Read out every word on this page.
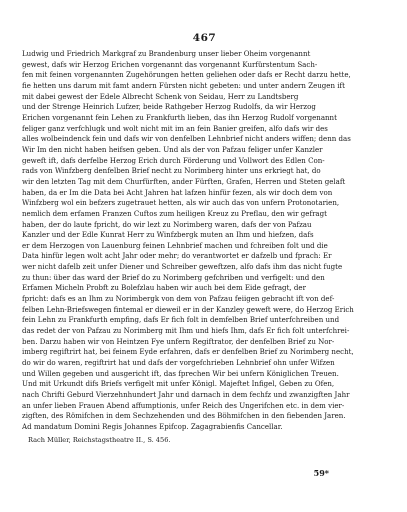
467
Ludwig und Friedrich Markgraf zu Brandenburg unser lieber Oheim vorgenannt
gewest, dafs wir Herzog Erichen vorgenannt das vorgenannt Kurfürstentum Sach-
fen mit feinen vorgenannten Zugehörungen hetten geliehen oder dafs er Recht darzu hette,
fie hetten uns darum mit famt andern Fürsten nicht gebeten: und unter andern Zeugen ift
mit dabei gewest der Edele Albrecht Schenk von Seidau, Herr zu Landtsberg
und der Strenge Heinrich Lufzer, beide Rathgeber Herzog Rudolfs, da wir Herzog
Erichen vorgenannt fein Lehen zu Frankfurth lieben, das ihn Herzog Rudolf vorgenannt
feliger ganz verfchlugk und wolt nicht mit im an fein Banier greifen, alfo dafs wir des
alles wolbeindenck fein und dafs wir von denfelben Lehnbrief nicht anders wiffen; denn das
Wir Im den nicht haben heifsen geben. Und als der von Pafzau feliger unfer Kanzler
geweft ift, dafs derfelbe Herzog Erich durch Förderung und Vollwort des Edlen Con-
rads von Winfzberg denfelben Brief necht zu Norimberg hinter uns erkriegt hat, do
wir den letzten Tag mit dem Churfürften, ander Fürften, Grafen, Herren und Steten gelaft
haben, da er Im die Data bei Acht Jahren hat lafzen hinfür fezen, als wir doch dem von
Winfzberg wol ein befzers zugetrauet hetten, als wir auch das von unfern Protonotarien,
nemlich dem erfamen Franzen Cuftos zum heiligen Kreuz zu Preflau, den wir gefragt
haben, der do laute fpricht, do wir lezt zu Norimberg waren, dafs der von Pafzau
Kanzler und der Edle Kunrat Herr zu Winfzbergk muten an Ihm und hiefzen, dafs
er dem Herzogen von Lauenburg feinen Lehnbrief machen und fchreiben folt und die
Data hinfür legen wolt acht Jahr oder mehr; do verantwortet er dafzelb und fprach: Er
wer nicht dafelb zeit unfer Diener und Schreiber geweftzen, alfo dafs ihm das nicht fugte
zu thun: über das ward der Brief do zu Norimberg gefchriben und verfigelt: und den
Erfamen Micheln Probft zu Bolefzlau haben wir auch bei dem Eide gefragt, der
fpricht: dafs es an Ihm zu Norimbergk von dem von Pafzau feiigen gebracht ift von def-
felben Lehn-Briefswegen fintemal er dieweil er in der Kanzley geweft were, do Herzog Erich
fein Lehn zu Frankfurth empfing, dafs Er fich folt in demfelben Brief unterfchreiben und
das redet der von Pafzau zu Norimberg mit Ihm und hiefs Ihm, dafs Er fich folt unterfchrei-
ben. Darzu haben wir von Heintzen Fye unfern Regiftrator, der denfelben Brief zu Nor-
imberg regiftrirt hat, bei feinem Eyde erfahren, dafs er denfelben Brief zu Norimberg necht,
do wir do waren, regiftrirt hat und dafs der vorgefchrieben Lehnbrief ohn unfer Wifzen
und Willen gegeben und ausgericht ift, das fprechen Wir bei unfern Königlichen Treuen.
Und mit Urkundt difs Briefs verfigelt mit unfer Königl. Majeftet Infigel, Geben zu Ofen,
nach Chrifti Geburd Vierzehnhundert Jahr und darnach in dem fechfz und zwanzigften Jahr
an unfer lieben Frauen Abend affumptionis, unfer Reich des Ungerifchen etc. in dem vier-
zigften, des Römifchen in dem Sechzehenden und des Böhmifchen in den fiebenden Jaren.
Ad mandatum Domini Regis Johannes Epifcop. Zagagrabienfis Cancellar.
Rach Müller, Reichstagstheatre II., S. 456.
59*
